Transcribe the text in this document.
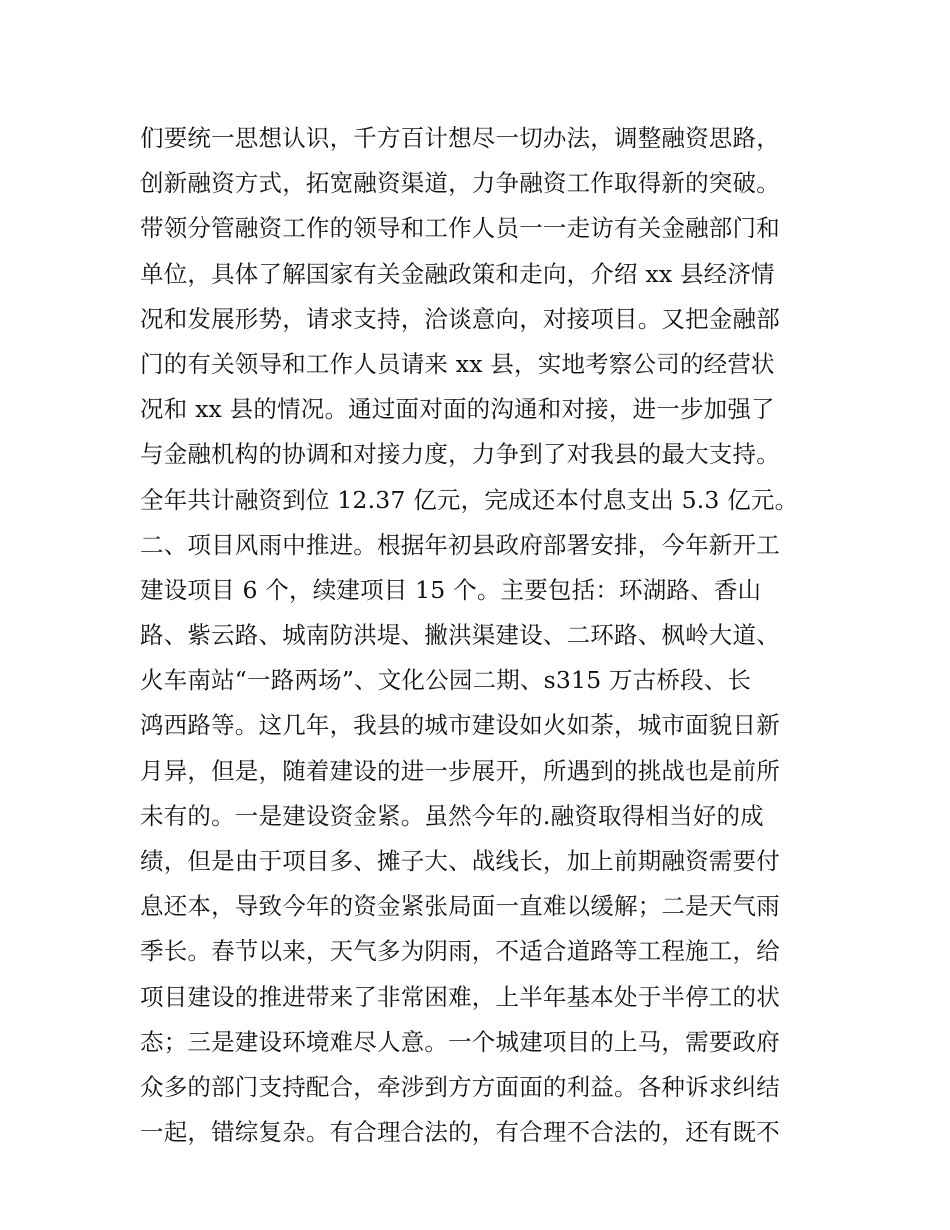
们要统一思想认识，千方百计想尽一切办法，调整融资思路，
创新融资方式，拓宽融资渠道，力争融资工作取得新的突破。
带领分管融资工作的领导和工作人员一一走访有关金融部门和
单位，具体了解国家有关金融政策和走向，介绍 xx 县经济情
况和发展形势，请求支持，洽谈意向，对接项目。又把金融部
门的有关领导和工作人员请来 xx 县，实地考察公司的经营状
况和 xx 县的情况。通过面对面的沟通和对接，进一步加强了
与金融机构的协调和对接力度，力争到了对我县的最大支持。
全年共计融资到位 12.37 亿元，完成还本付息支出 5.3 亿元。
二、项目风雨中推进。根据年初县政府部署安排，今年新开工
建设项目 6 个，续建项目 15 个。主要包括：环湖路、香山
路、紫云路、城南防洪堤、撇洪渠建设、二环路、枫岭大道、
火车南站“一路两场”、文化公园二期、s315 万古桥段、长
鸿西路等。这几年，我县的城市建设如火如荼，城市面貌日新
月异，但是，随着建设的进一步展开，所遇到的挑战也是前所
未有的。一是建设资金紧。虽然今年的.融资取得相当好的成
绩，但是由于项目多、摊子大、战线长，加上前期融资需要付
息还本，导致今年的资金紧张局面一直难以缓解；二是天气雨
季长。春节以来，天气多为阴雨，不适合道路等工程施工，给
项目建设的推进带来了非常困难，上半年基本处于半停工的状
态；三是建设环境难尽人意。一个城建项目的上马，需要政府
众多的部门支持配合，牵涉到方方面面的利益。各种诉求纠结
一起，错综复杂。有合理合法的，有合理不合法的，还有既不
